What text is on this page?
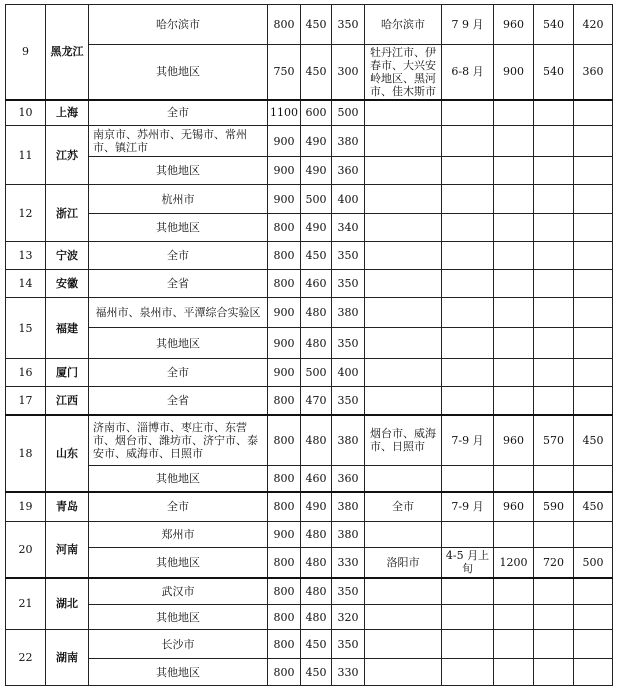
9	黑龙江	哈尔滨市	800	450	350	哈尔滨市	7 9 月	960	540	420
		其他地区	750	450	300	牡丹江市、伊春市、大兴安岭地区、黑河市、佳木斯市	6-8 月	900	540	360
10	上海	全市	1100	600	500					
11	江苏	南京市、苏州市、无锡市、常州市、镇江市	900	490	380					
		其他地区	900	490	360					
12	浙江	杭州市	900	500	400					
		其他地区	800	490	340					
13	宁波	全市	800	450	350					
14	安徽	全省	800	460	350					
15	福建	福州市、泉州市、平潭综合实验区	900	480	380					
		其他地区	900	480	350					
16	厦门	全市	900	500	400					
17	江西	全省	800	470	350					
18	山东	济南市、淄博市、枣庄市、东营市、烟台市、潍坊市、济宁市、泰安市、威海市、日照市	800	480	380	烟台市、威海市、日照市	7-9 月	960	570	450
		其他地区	800	460	360					
19	青岛	全市	800	490	380	全市	7-9 月	960	590	450
20	河南	郑州市	900	480	380					
		其他地区	800	480	330	洛阳市	4-5 月上旬	1200	720	500
21	湖北	武汉市	800	480	350					
		其他地区	800	480	320					
22	湖南	长沙市	800	450	350					
		其他地区	800	450	330					
